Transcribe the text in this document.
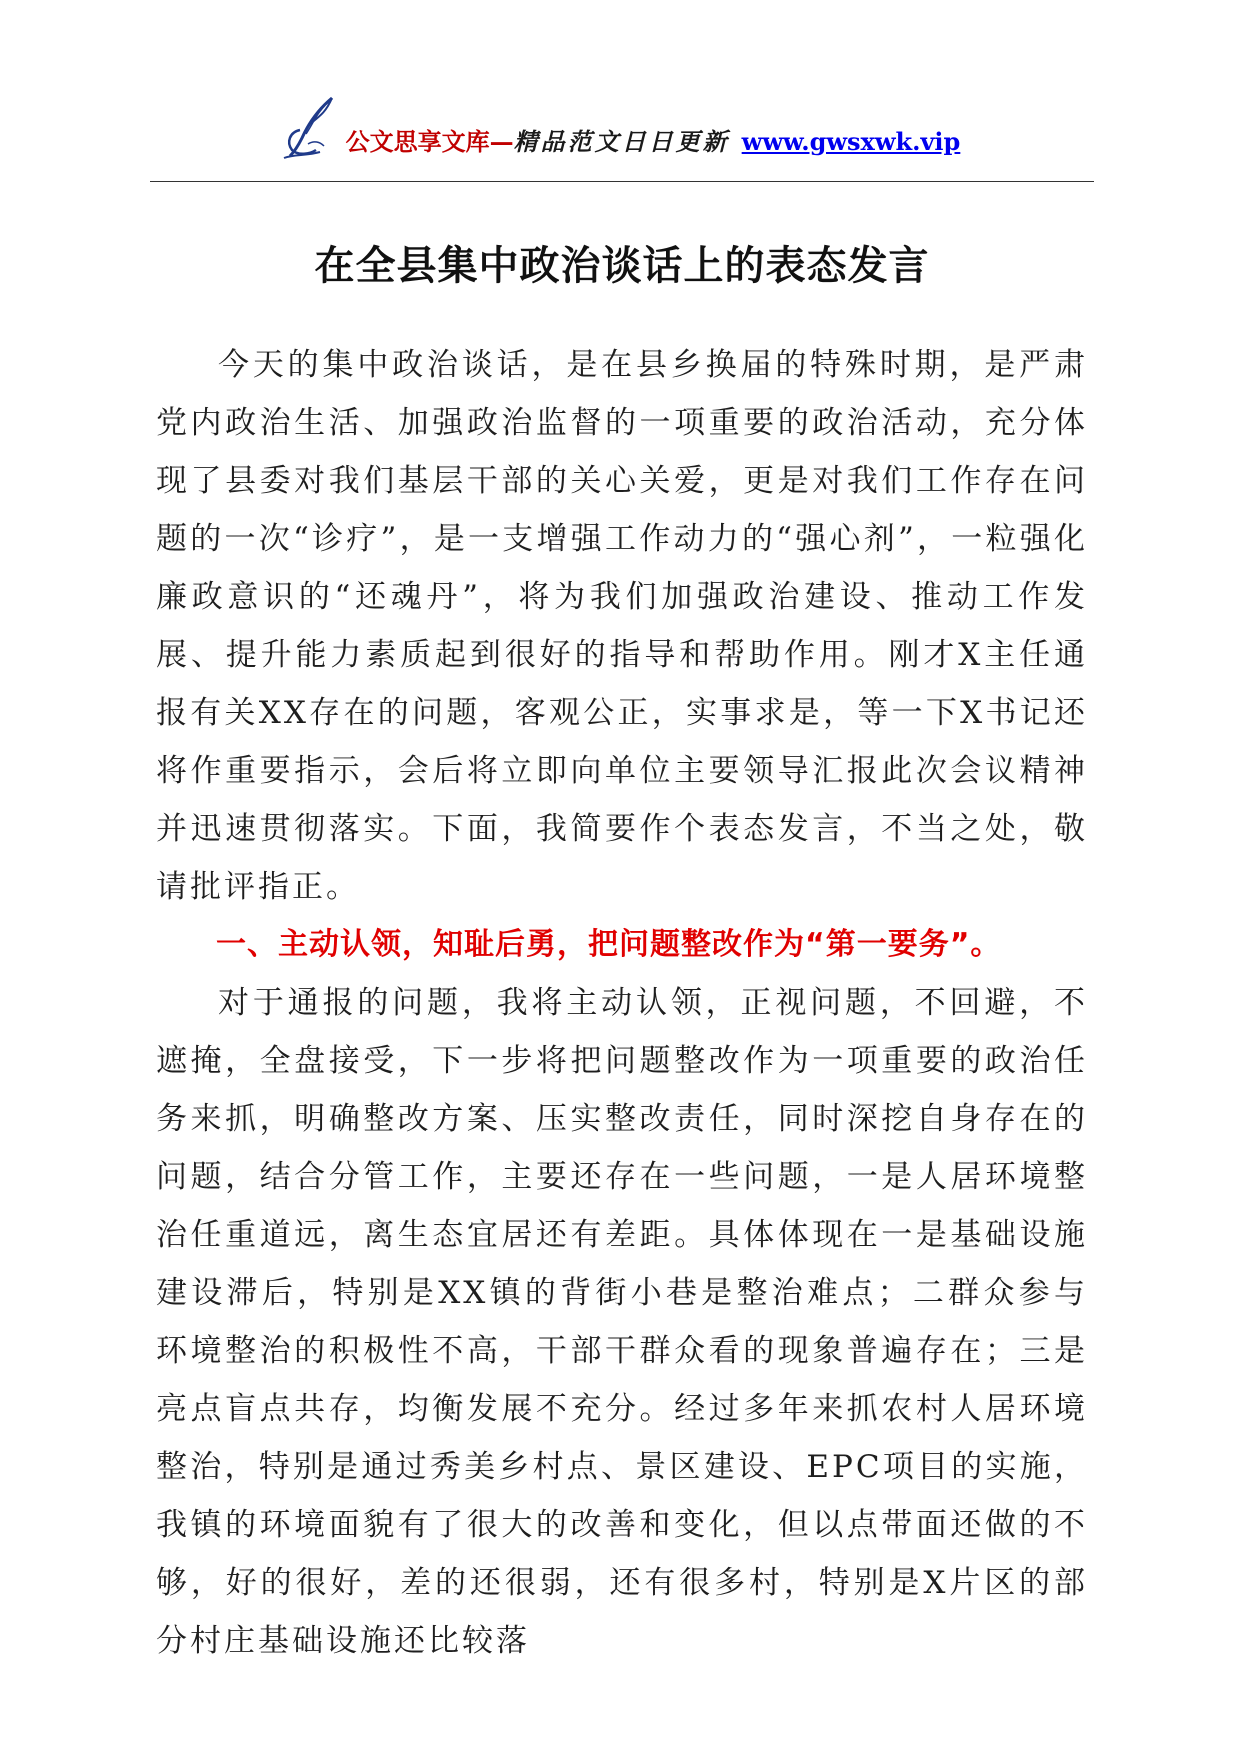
公文思享文库—精品范文日日更新 www.gwsxwk.vip
在全县集中政治谈话上的表态发言

今天的集中政治谈话，是在县乡换届的特殊时期，是严肃党内政治生活、加强政治监督的一项重要的政治活动，充分体现了县委对我们基层干部的关心关爱，更是对我们工作存在问题的一次“诊疗”，是一支增强工作动力的“强心剂”，一粒强化廉政意识的“还魂丹”，将为我们加强政治建设、推动工作发展、提升能力素质起到很好的指导和帮助作用。刚才X主任通报有关XX存在的问题，客观公正，实事求是，等一下X书记还将作重要指示，会后将立即向单位主要领导汇报此次会议精神并迅速贯彻落实。下面，我简要作个表态发言，不当之处，敬请批评指正。

一、主动认领，知耻后勇，把问题整改作为“第一要务”。

对于通报的问题，我将主动认领，正视问题，不回避，不遮掩，全盘接受，下一步将把问题整改作为一项重要的政治任务来抓，明确整改方案、压实整改责任，同时深挖自身存在的问题，结合分管工作，主要还存在一些问题，一是人居环境整治任重道远，离生态宜居还有差距。具体体现在一是基础设施建设滞后，特别是XX镇的背街小巷是整治难点；二群众参与环境整治的积极性不高，干部干群众看的现象普遍存在；三是亮点盲点共存，均衡发展不充分。经过多年来抓农村人居环境整治，特别是通过秀美乡村点、景区建设、EPC项目的实施，我镇的环境面貌有了很大的改善和变化，但以点带面还做的不够，好的很好，差的还很弱，还有很多村，特别是X片区的部分村庄基础设施还比较落
